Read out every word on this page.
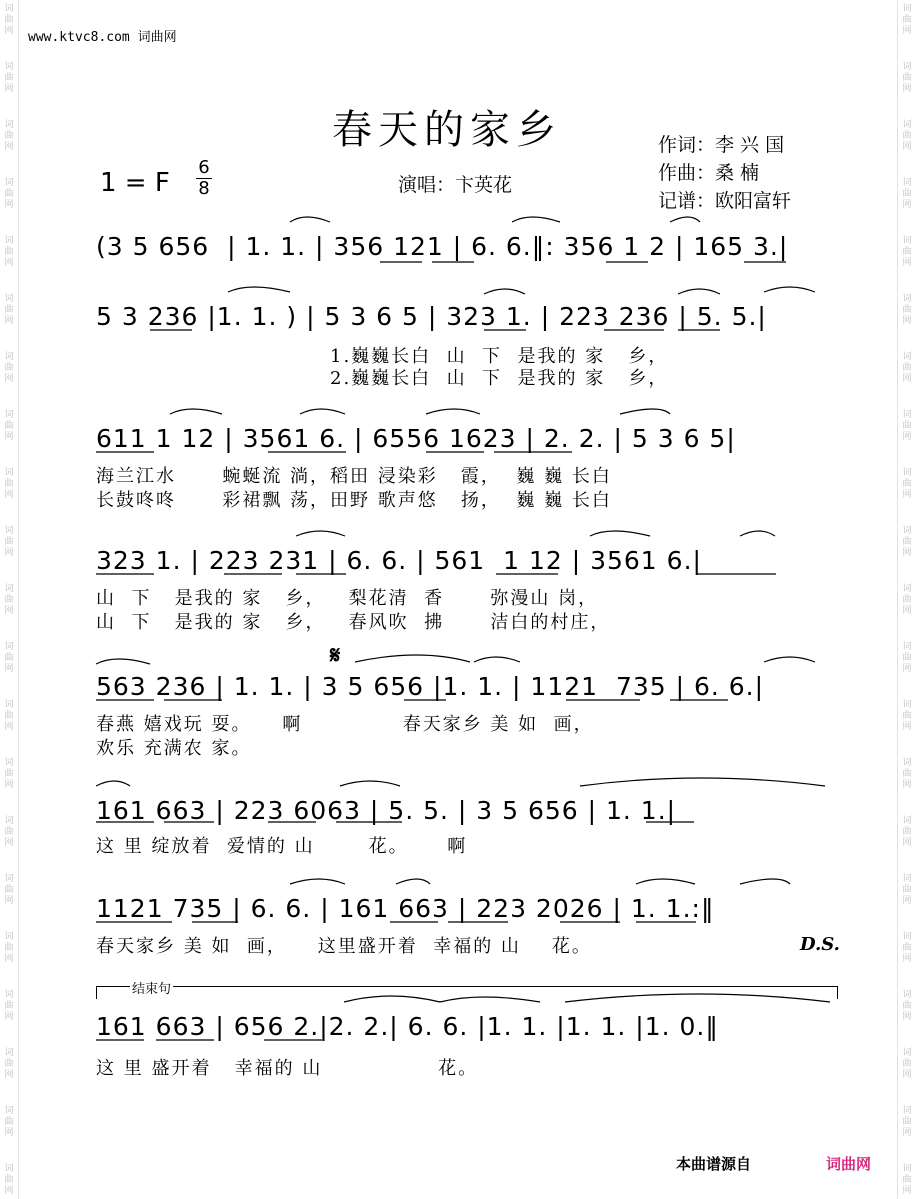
词
曲
网
词
曲
网
词
曲
网
词
曲
网
词
曲
网
词
曲
网
词
曲
网
词
曲
网
词
曲
网
词
曲
网
词
曲
网
词
曲
网
词
曲
网
词
曲
网
词
曲
网
词
曲
网
词
曲
网
词
曲
网
词
曲
网
词
曲
网
词
曲
网
词
曲
网
词
曲
网
词
曲
网
词
曲
网
词
曲
网
词
曲
网
词
曲
网
词
曲
网
词
曲
网
词
曲
网
词
曲
网
词
曲
网
词
曲
网
词
曲
网
词
曲
网
词
曲
网
词
曲
网
词
曲
网
词
曲
网
词
曲
网
词
曲
网
www.ktvc8.com 词曲网
春天的家乡	作词：李 兴 国
作曲：桑 楠
记谱：欧阳富轩
1 = F
6
8	演唱：卞英花
(3 5 656  | 1. 1. | 356 121 | 6. 6.‖: 356 1 2 | 165 3.|
5 3 236 |1. 1. ) | 5 3 6 5 | 323 1. | 223 236 | 5. 5.|
1.巍巍长白  山  下  是我的 家   乡，
2.巍巍长白  山  下  是我的 家   乡，
611 1 12 | 3561 6. | 6556 1623 | 2. 2. | 5 3 6 5|
海兰江水      蜿蜒流 淌，稻田 浸染彩   霞，  巍 巍 长白
长鼓咚咚      彩裙飘 荡，田野 歌声悠   扬，  巍 巍 长白
323 1. | 223 231 | 6. 6. | 561  1 12 | 3561 6.|
山  下   是我的 家   乡，   梨花清  香      弥漫山 岗，
山  下   是我的 家   乡，   春风吹  拂      洁白的村庄，
𝄋
563 236 | 1. 1. | 3 5 656 |1. 1. | 1121  735 | 6. 6.|
春燕 嬉戏玩 耍。    啊             春天家乡 美 如  画，
欢乐 充满农 家。
161 663 | 223 6063 | 5. 5. | 3 5 656 | 1. 1.|
这 里 绽放着  爱情的 山       花。     啊
1121 735 | 6. 6. | 161 663 | 223 2026 | 1. 1.:‖
春天家乡 美 如  画，    这里盛开着  幸福的 山    花。	D.S.
结束句
161 663 | 656 2.|2. 2.| 6. 6. |1. 1. |1. 1. |1. 0.‖
这 里 盛开着   幸福的 山               花。
本曲谱源自	词曲网
